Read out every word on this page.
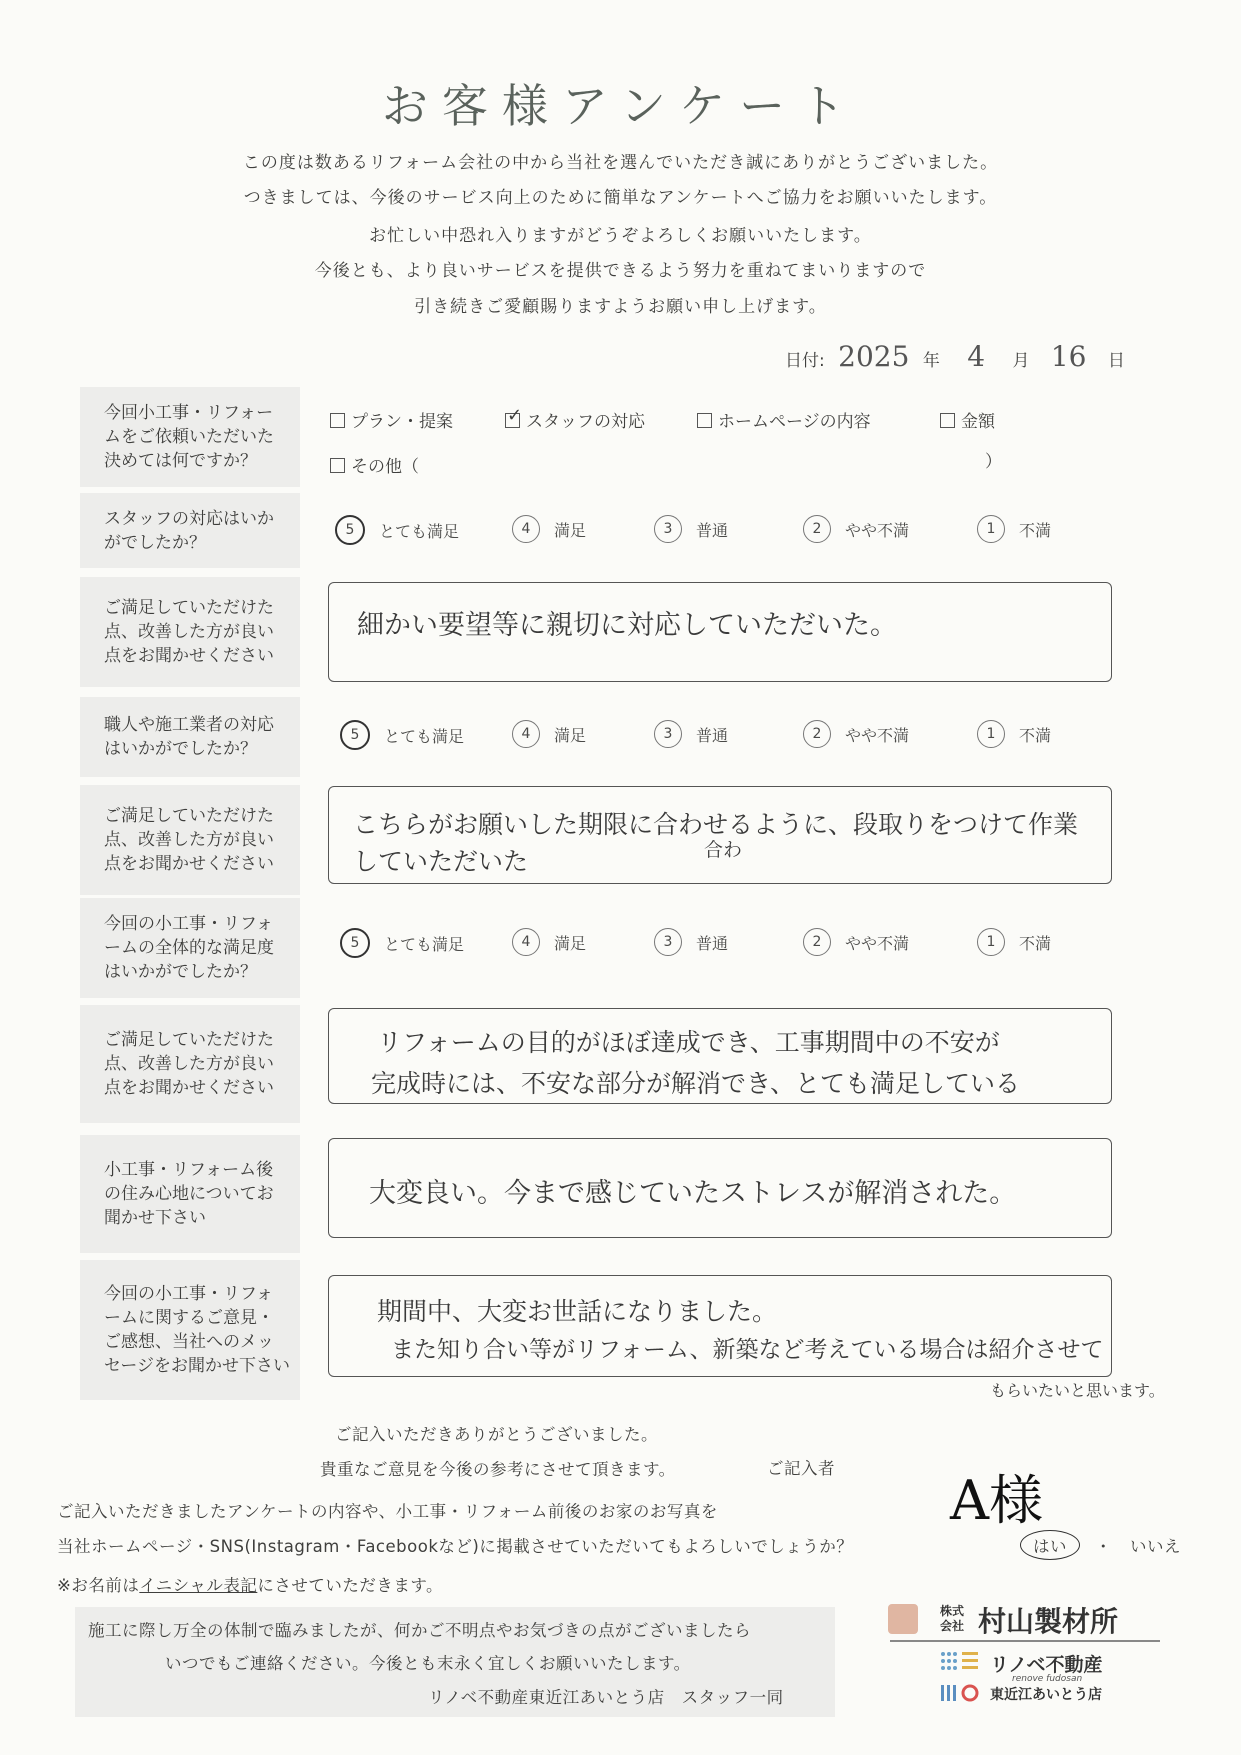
お客様アンケート
この度は数あるリフォーム会社の中から当社を選んでいただき誠にありがとうございました。
つきましては、今後のサービス向上のために簡単なアンケートへご協力をお願いいたします。
お忙しい中恐れ入りますがどうぞよろしくお願いいたします。
今後とも、より良いサービスを提供できるよう努力を重ねてまいりますので
引き続きご愛顧賜りますようお願い申し上げます。
日付: 2025 年 4 月 16 日
今回小工事・リフォームをご依頼いただいた決めては何ですか？
プラン・提案	✓ スタッフの対応	ホームページの内容	金額
その他（	）
スタッフの対応はいかがでしたか？
5	とても満足	4	満足	3	普通	2	やや不満	1	不満
ご満足していただけた点、改善した方が良い点をお聞かせください
細かい要望等に親切に対応していただいた。
職人や施工業者の対応はいかがでしたか？
5	とても満足	4	満足	3	普通	2	やや不満	1	不満
ご満足していただけた点、改善した方が良い点をお聞かせください
こちらがお願いした期限に合わせるように、段取りをつけて作業
していただいた	合わ
今回の小工事・リフォームの全体的な満足度はいかがでしたか？
5	とても満足	4	満足	3	普通	2	やや不満	1	不満
ご満足していただけた点、改善した方が良い点をお聞かせください
リフォームの目的がほぼ達成でき、工事期間中の不安が
完成時には、不安な部分が解消でき、とても満足している
小工事・リフォーム後の住み心地についてお聞かせ下さい
大変良い。今まで感じていたストレスが解消された。
今回の小工事・リフォームに関するご意見・ご感想、当社へのメッセージをお聞かせ下さい
期間中、大変お世話になりました。
また知り合い等がリフォーム、新築など考えている場合は紹介させて
もらいたいと思います。
ご記入いただきありがとうございました。
貴重なご意見を今後の参考にさせて頂きます。	ご記入者
A様
ご記入いただきましたアンケートの内容や、小工事・リフォーム前後のお家のお写真を
当社ホームページ・SNS(Instagram・Facebookなど)に掲載させていただいてもよろしいでしょうか？	はい	・ いいえ
※お名前はイニシャル表記にさせていただきます。
施工に際し万全の体制で臨みましたが、何かご不明点やお気づきの点がございましたら
いつでもご連絡ください。今後とも末永く宜しくお願いいたします。
リノベ不動産東近江あいとう店　スタッフ一同
株式
会社 村山製材所
リノベ不動産
renove fudosan
東近江あいとう店
